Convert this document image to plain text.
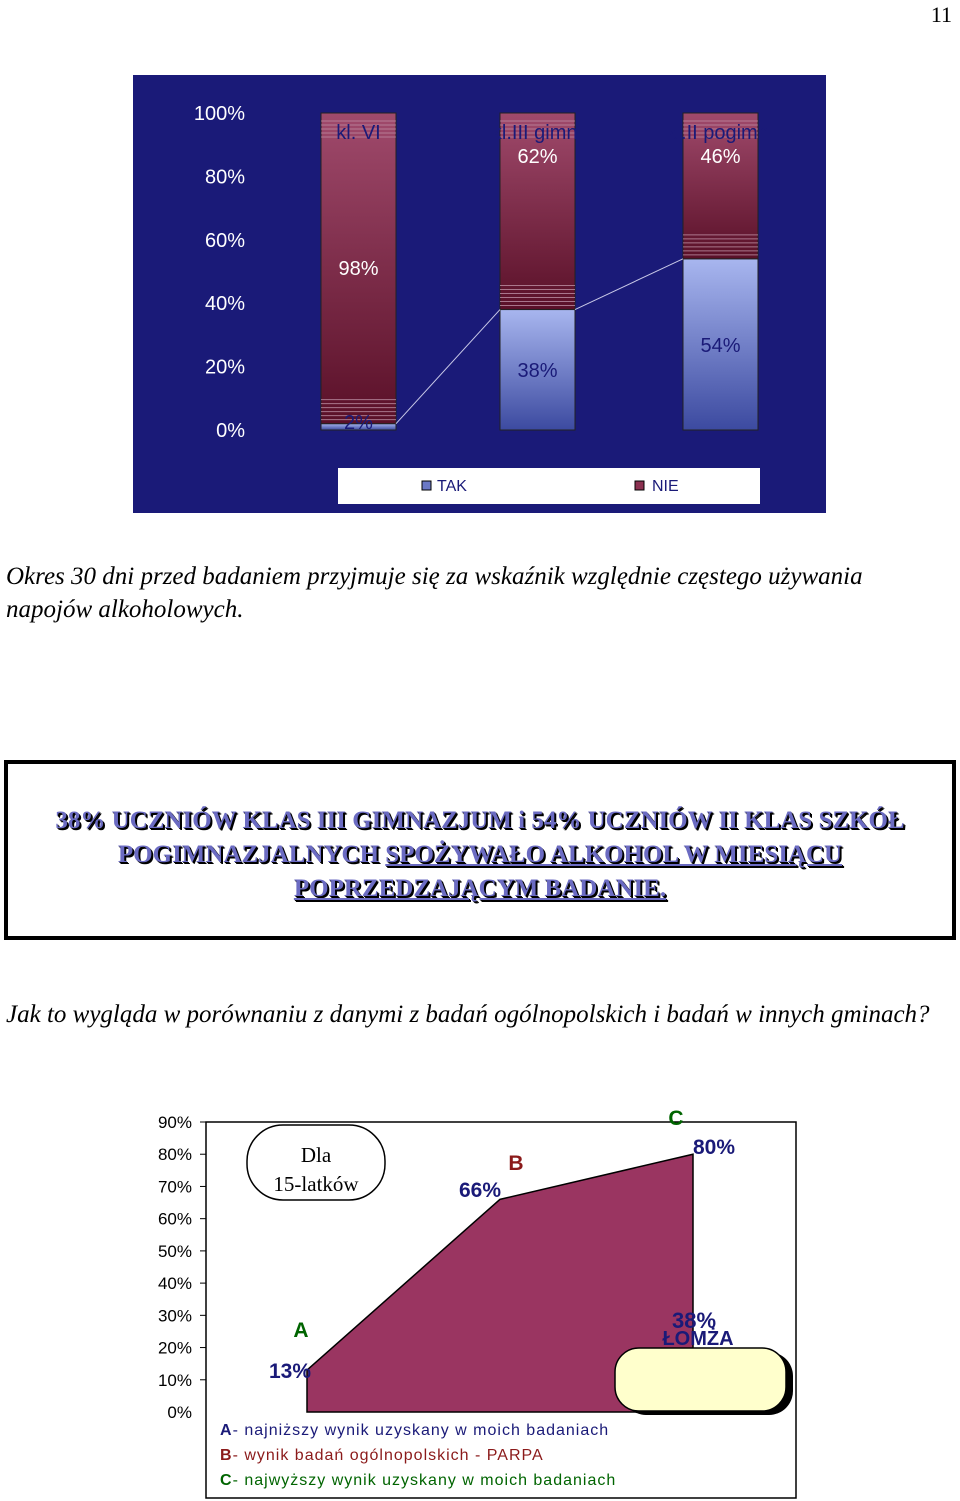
11
100%
80%
60%
40%
20%
0%
kl. VI	kl.III gimn.	kl.II pogimn.
98%
2%
62%
38%
46%
54%
TAK	NIE
Okres 30 dni przed badaniem przyjmuje się za wskaźnik względnie częstego używania napojów alkoholowych.
38% UCZNIÓW KLAS III GIMNAZJUM i 54% UCZNIÓW II KLAS SZKÓŁ POGIMNAZJALNYCH SPOŻYWAŁO ALKOHOL W MIESIĄCU POPRZEDZAJĄCYM BADANIE.
Jak to wygląda w porównaniu z danymi z badań ogólnopolskich i badań w innych gminach?
90%
80%
70%
60%
50%
40%
30%
20%
10%
0%
A
13%
B
66%
C
80%
Dla
15-latków
38%
ŁOMŻA
A- najniższy wynik uzyskany w moich badaniach
B- wynik badań ogólnopolskich - PARPA
C- najwyższy wynik uzyskany w moich badaniach
